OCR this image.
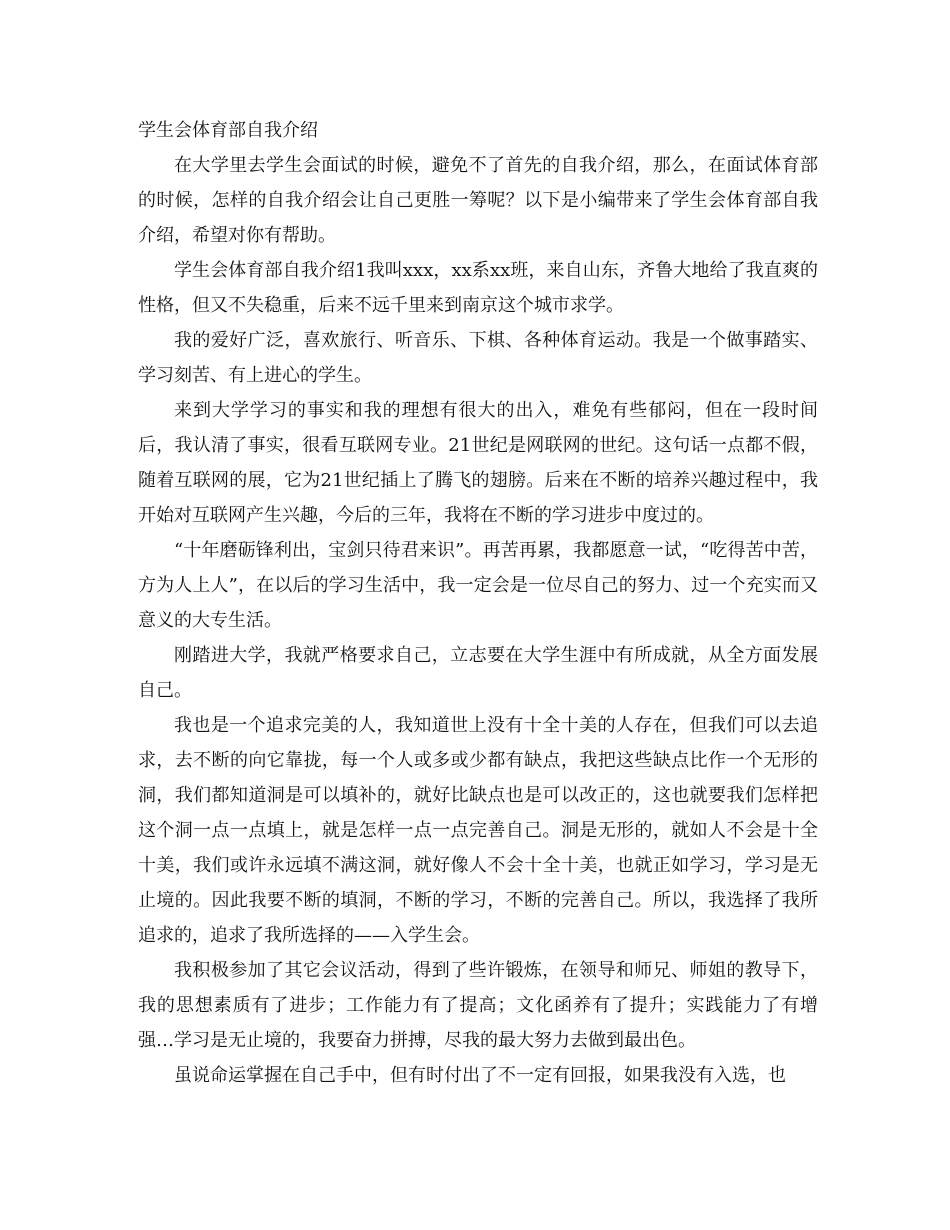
学生会体育部自我介绍

在大学里去学生会面试的时候，避免不了首先的自我介绍，那么，在面试体育部的时候，怎样的自我介绍会让自己更胜一筹呢？以下是小编带来了学生会体育部自我介绍，希望对你有帮助。

学生会体育部自我介绍1我叫xxx，xx系xx班，来自山东，齐鲁大地给了我直爽的性格，但又不失稳重，后来不远千里来到南京这个城市求学。

我的爱好广泛，喜欢旅行、听音乐、下棋、各种体育运动。我是一个做事踏实、学习刻苦、有上进心的学生。

来到大学学习的事实和我的理想有很大的出入，难免有些郁闷，但在一段时间后，我认清了事实，很看互联网专业。21世纪是网联网的世纪。这句话一点都不假，随着互联网的展，它为21世纪插上了腾飞的翅膀。后来在不断的培养兴趣过程中，我开始对互联网产生兴趣，今后的三年，我将在不断的学习进步中度过的。

“十年磨砺锋利出，宝剑只待君来识”。再苦再累，我都愿意一试，“吃得苦中苦，方为人上人”，在以后的学习生活中，我一定会是一位尽自己的努力、过一个充实而又意义的大专生活。

刚踏进大学，我就严格要求自己，立志要在大学生涯中有所成就，从全方面发展自己。

我也是一个追求完美的人，我知道世上没有十全十美的人存在，但我们可以去追求，去不断的向它靠拢，每一个人或多或少都有缺点，我把这些缺点比作一个无形的洞，我们都知道洞是可以填补的，就好比缺点也是可以改正的，这也就要我们怎样把这个洞一点一点填上，就是怎样一点一点完善自己。洞是无形的，就如人不会是十全十美，我们或许永远填不满这洞，就好像人不会十全十美，也就正如学习，学习是无止境的。因此我要不断的填洞，不断的学习，不断的完善自己。所以，我选择了我所追求的，追求了我所选择的——入学生会。

我积极参加了其它会议活动，得到了些许锻炼，在领导和师兄、师姐的教导下，我的思想素质有了进步；工作能力有了提高；文化函养有了提升；实践能力了有增强…学习是无止境的，我要奋力拼搏，尽我的最大努力去做到最出色。

虽说命运掌握在自己手中，但有时付出了不一定有回报，如果我没有入选，也
